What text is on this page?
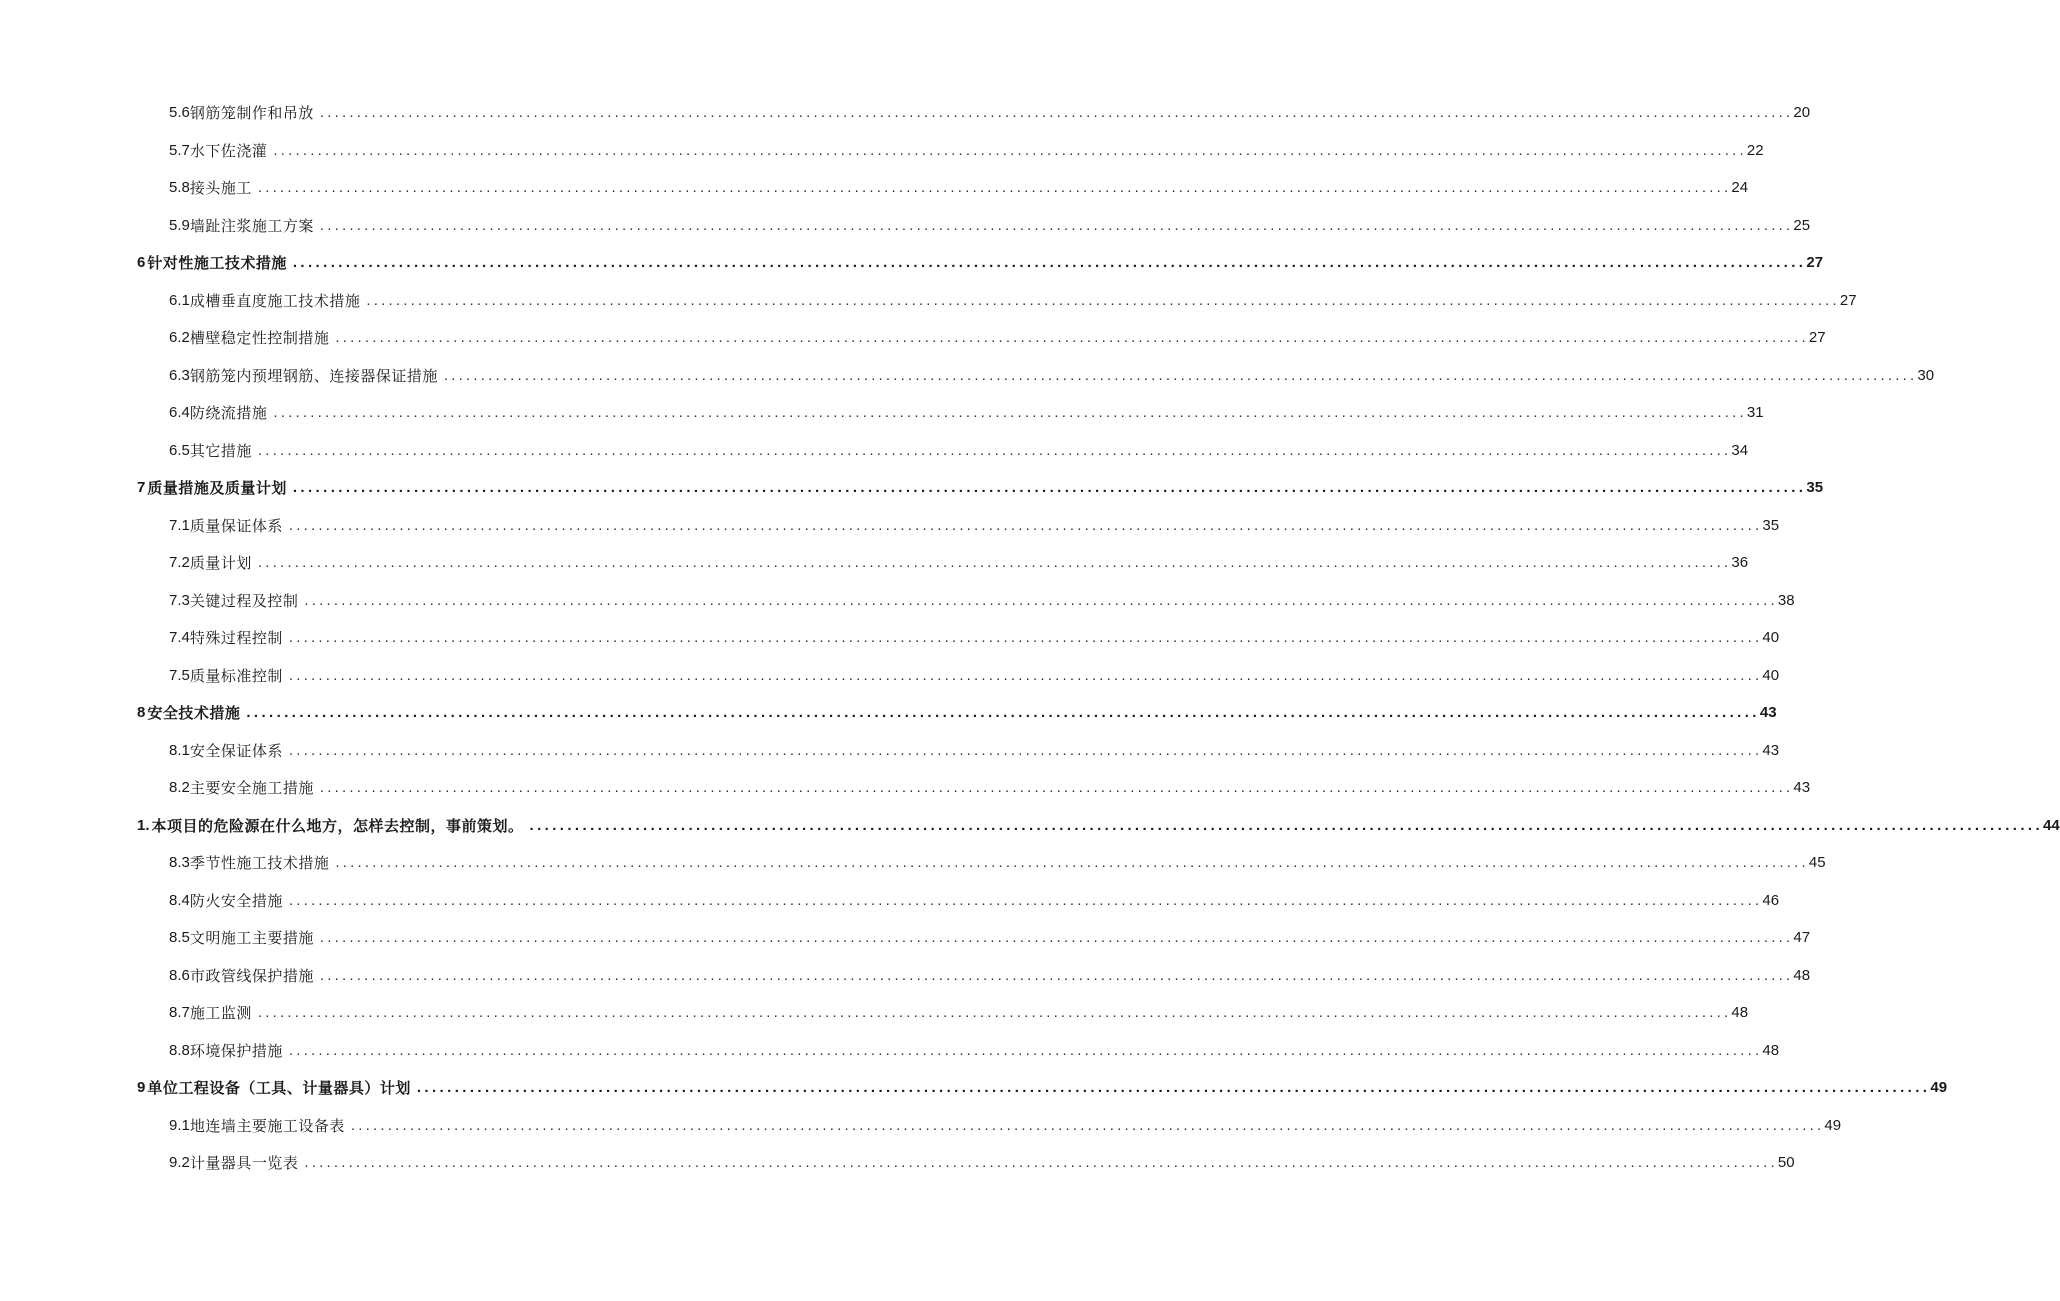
5.6 钢筋笼制作和吊放 ........................................................................................................................................................................................................ 20
5.7 水下佐浇灌 ........................................................................................................................................................................................................ 22
5.8 接头施工 ........................................................................................................................................................................................................ 24
5.9 墙趾注浆施工方案 ........................................................................................................................................................................................................ 25
6 针对性施工技术措施 ........................................................................................................................................................................................................ 27
6.1 成槽垂直度施工技术措施 ........................................................................................................................................................................................................ 27
6.2 槽壁稳定性控制措施 ........................................................................................................................................................................................................ 27
6.3 钢筋笼内预埋钢筋、连接器保证措施 ........................................................................................................................................................................................................ 30
6.4 防绕流措施 ........................................................................................................................................................................................................ 31
6.5 其它措施 ........................................................................................................................................................................................................ 34
7 质量措施及质量计划 ........................................................................................................................................................................................................ 35
7.1 质量保证体系 ........................................................................................................................................................................................................ 35
7.2 质量计划 ........................................................................................................................................................................................................ 36
7.3 关键过程及控制 ........................................................................................................................................................................................................ 38
7.4 特殊过程控制 ........................................................................................................................................................................................................ 40
7.5 质量标准控制 ........................................................................................................................................................................................................ 40
8 安全技术措施 ........................................................................................................................................................................................................ 43
8.1 安全保证体系 ........................................................................................................................................................................................................ 43
8.2 主要安全施工措施 ........................................................................................................................................................................................................ 43
1. 本项目的危险源在什么地方，怎样去控制，事前策划。 ........................................................................................................................................................................................................ 44
8.3 季节性施工技术措施 ........................................................................................................................................................................................................ 45
8.4 防火安全措施 ........................................................................................................................................................................................................ 46
8.5 文明施工主要措施 ........................................................................................................................................................................................................ 47
8.6 市政管线保护措施 ........................................................................................................................................................................................................ 48
8.7 施工监测 ........................................................................................................................................................................................................ 48
8.8 环境保护措施 ........................................................................................................................................................................................................ 48
9 单位工程设备（工具、计量器具）计划 ........................................................................................................................................................................................................ 49
9.1 地连墙主要施工设备表 ........................................................................................................................................................................................................ 49
9.2 计量器具一览表 ........................................................................................................................................................................................................ 50
